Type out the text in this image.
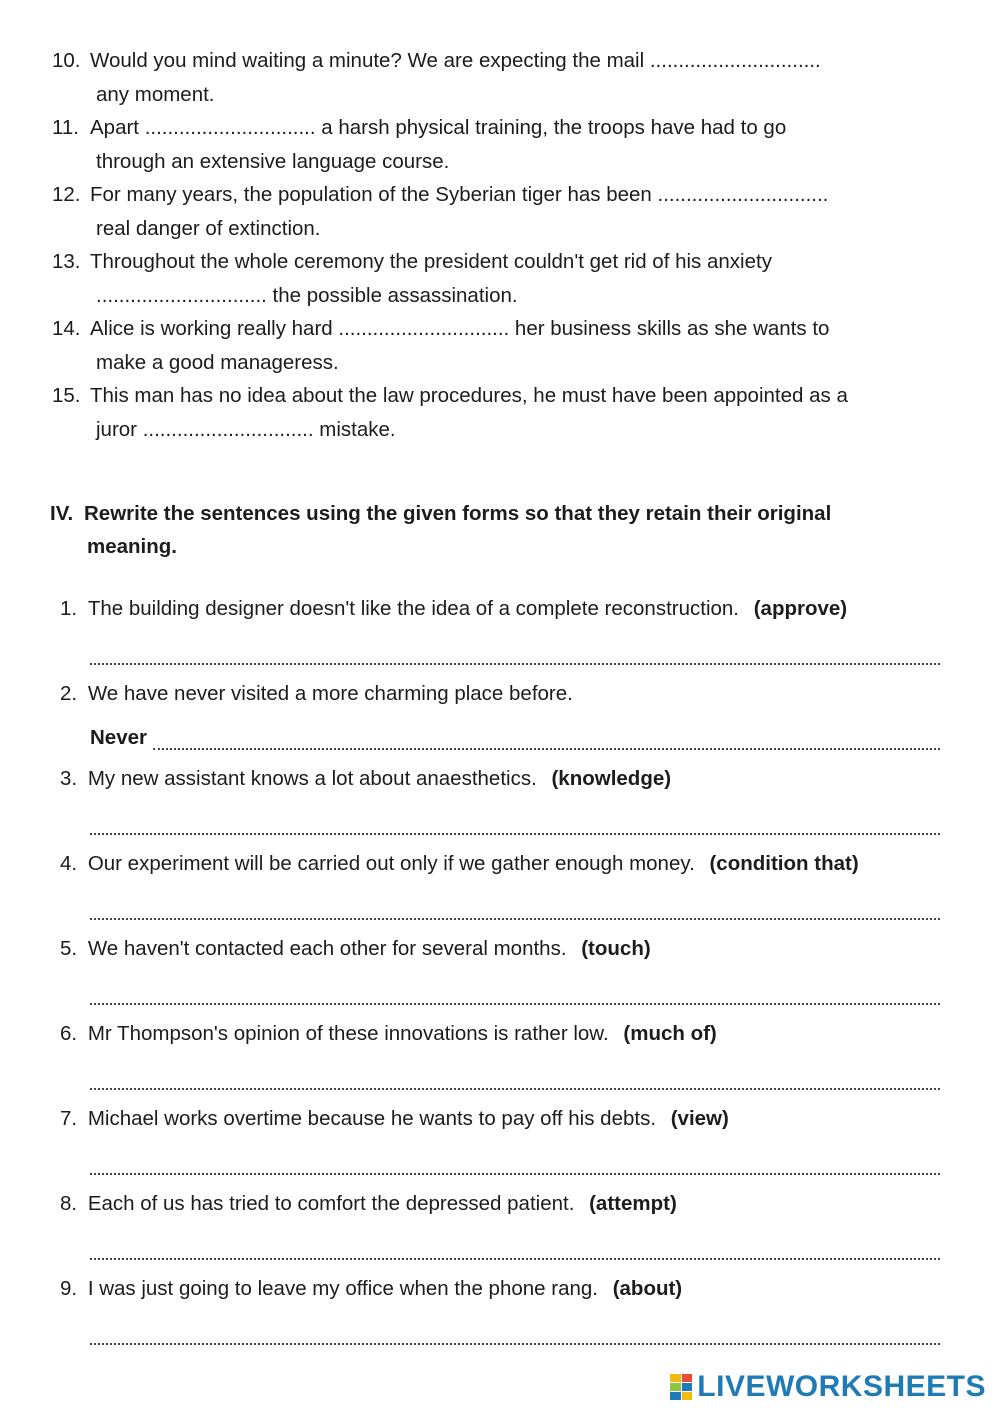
10. Would you mind waiting a minute? We are expecting the mail ..............................
any moment.
11. Apart .............................. a harsh physical training, the troops have had to go
through an extensive language course.
12. For many years, the population of the Syberian tiger has been ..............................
real danger of extinction.
13. Throughout the whole ceremony the president couldn't get rid of his anxiety
.............................. the possible assassination.
14. Alice is working really hard .............................. her business skills as she wants to
make a good manageress.
15. This man has no idea about the law procedures, he must have been appointed as a
juror .............................. mistake.
IV. Rewrite the sentences using the given forms so that they retain their original
meaning.
1. The building designer doesn't like the idea of a complete reconstruction. (approve)
2. We have never visited a more charming place before.
Never
3. My new assistant knows a lot about anaesthetics. (knowledge)
4. Our experiment will be carried out only if we gather enough money. (condition that)
5. We haven't contacted each other for several months. (touch)
6. Mr Thompson's opinion of these innovations is rather low. (much of)
7. Michael works overtime because he wants to pay off his debts. (view)
8. Each of us has tried to comfort the depressed patient. (attempt)
9. I was just going to leave my office when the phone rang. (about)
LIVEWORKSHEETS
